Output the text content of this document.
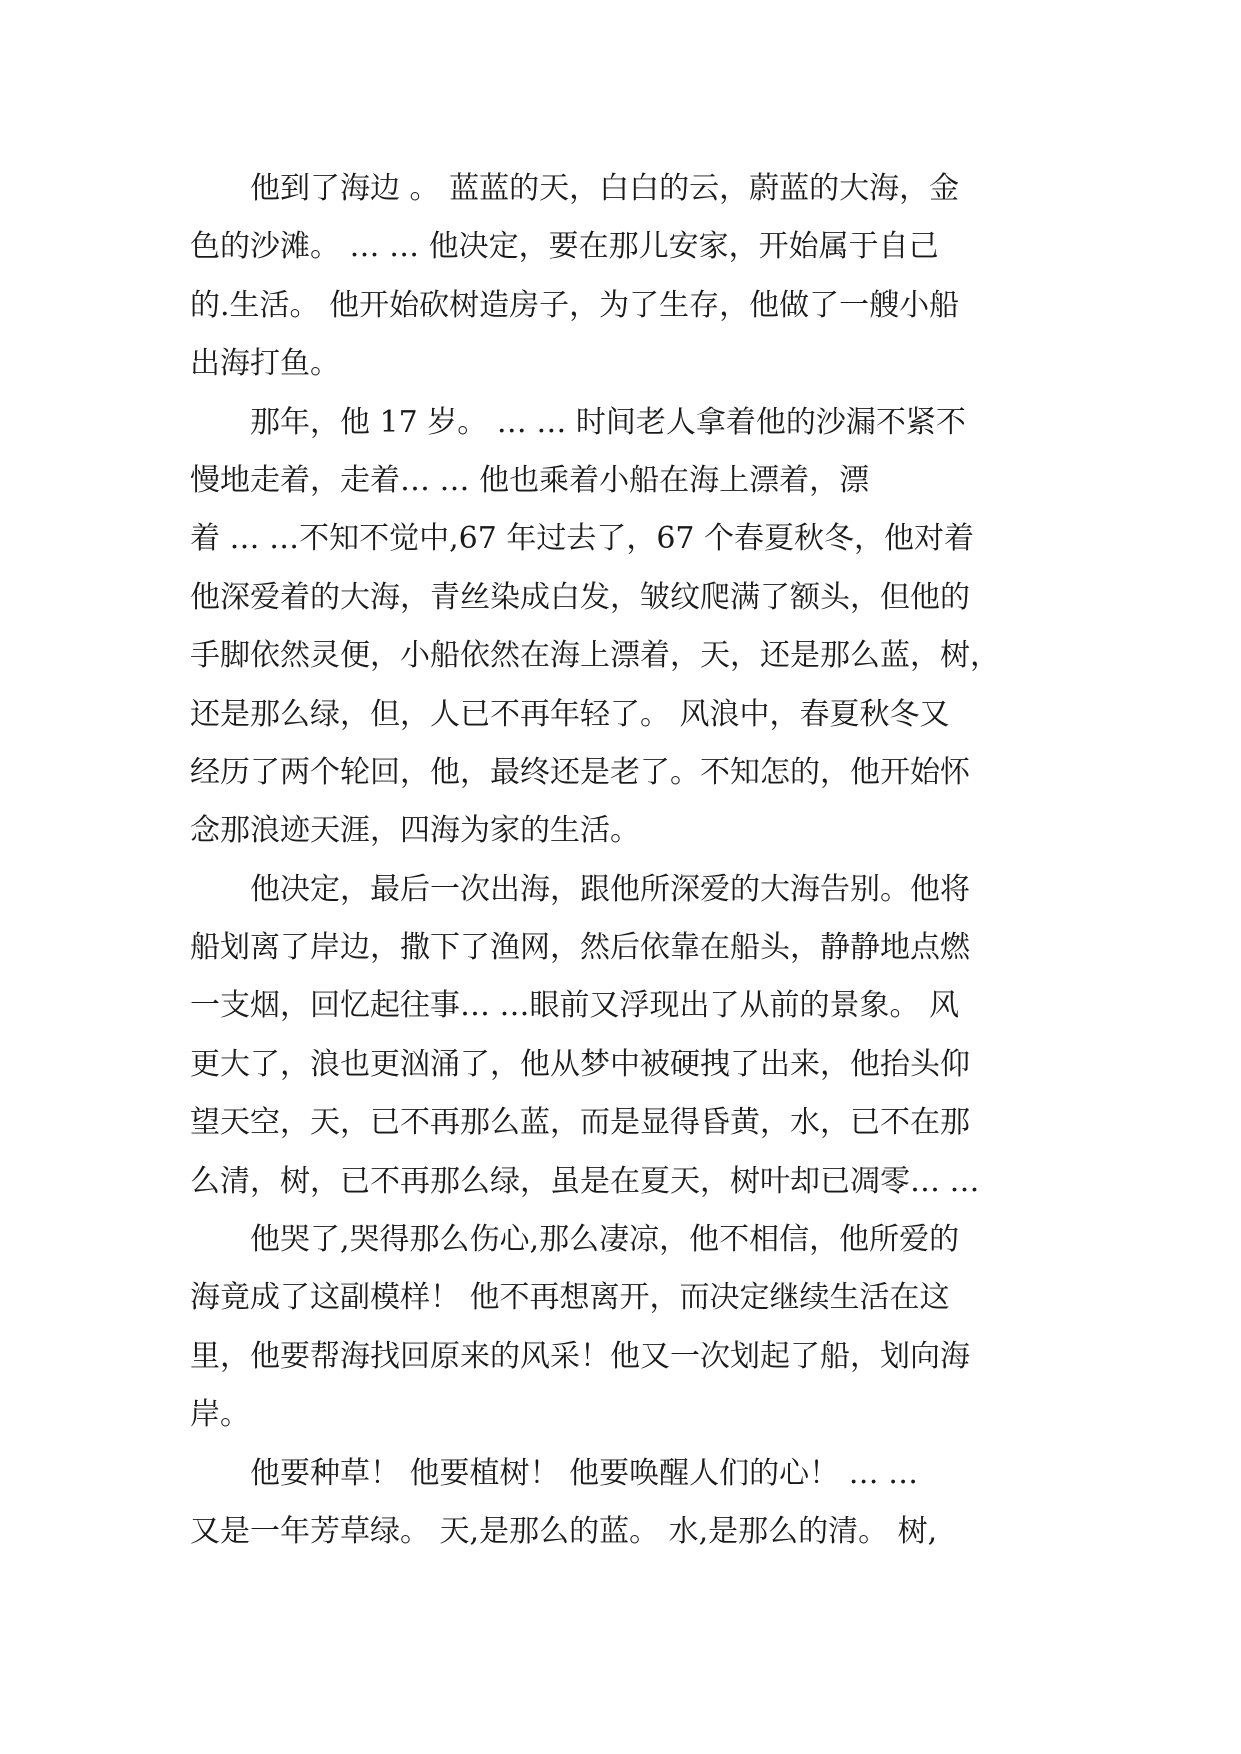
　　他到了海边 。 蓝蓝的天，白白的云，蔚蓝的大海，金
色的沙滩。 … … 他决定，要在那儿安家，开始属于自己
的.生活。 他开始砍树造房子，为了生存，他做了一艘小船
出海打鱼。
　　那年，他 17 岁。 … … 时间老人拿着他的沙漏不紧不
慢地走着，走着… … 他也乘着小船在海上漂着，漂
着 … …不知不觉中,67 年过去了，67 个春夏秋冬，他对着
他深爱着的大海，青丝染成白发，皱纹爬满了额头，但他的
手脚依然灵便，小船依然在海上漂着，天，还是那么蓝，树，
还是那么绿，但，人已不再年轻了。 风浪中，春夏秋冬又
经历了两个轮回，他，最终还是老了。不知怎的，他开始怀
念那浪迹天涯，四海为家的生活。
　　他决定，最后一次出海，跟他所深爱的大海告别。他将
船划离了岸边，撒下了渔网，然后依靠在船头，静静地点燃
一支烟，回忆起往事… …眼前又浮现出了从前的景象。 风
更大了，浪也更汹涌了，他从梦中被硬拽了出来，他抬头仰
望天空，天，已不再那么蓝，而是显得昏黄，水，已不在那
么清，树，已不再那么绿，虽是在夏天，树叶却已凋零… …
　　他哭了,哭得那么伤心,那么凄凉，他不相信，他所爱的
海竟成了这副模样！ 他不再想离开，而决定继续生活在这
里，他要帮海找回原来的风采！他又一次划起了船，划向海
岸。
　　他要种草！ 他要植树！ 他要唤醒人们的心！ … …
又是一年芳草绿。 天,是那么的蓝。 水,是那么的清。 树,
